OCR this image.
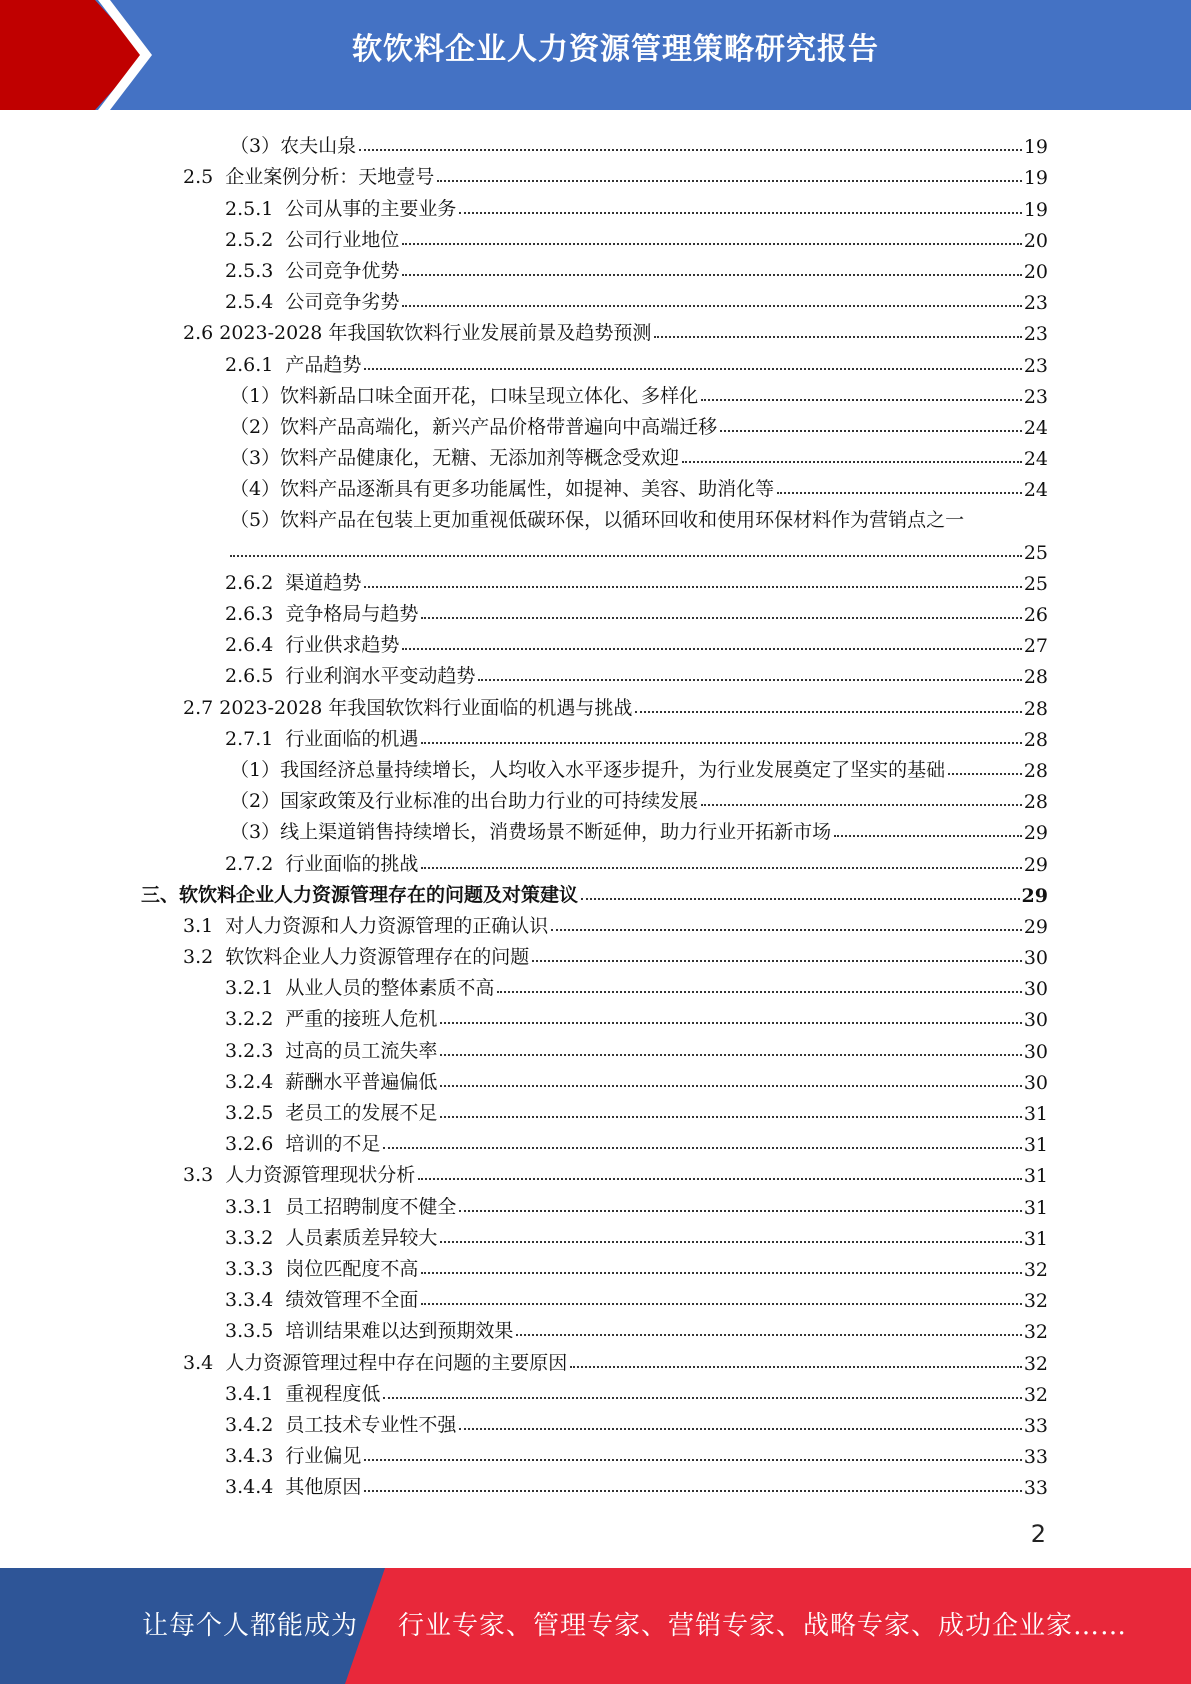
软饮料企业人力资源管理策略研究报告
（3）农夫山泉	19
2.5  企业案例分析：天地壹号	19
2.5.1  公司从事的主要业务	19
2.5.2  公司行业地位	20
2.5.3  公司竞争优势	20
2.5.4  公司竞争劣势	23
2.6 2023-2028 年我国软饮料行业发展前景及趋势预测	23
2.6.1  产品趋势	23
（1）饮料新品口味全面开花，口味呈现立体化、多样化	23
（2）饮料产品高端化，新兴产品价格带普遍向中高端迁移	24
（3）饮料产品健康化，无糖、无添加剂等概念受欢迎	24
（4）饮料产品逐渐具有更多功能属性，如提神、美容、助消化等	24
（5）饮料产品在包装上更加重视低碳环保，以循环回收和使用环保材料作为营销点之一
25
2.6.2  渠道趋势	25
2.6.3  竞争格局与趋势	26
2.6.4  行业供求趋势	27
2.6.5  行业利润水平变动趋势	28
2.7 2023-2028 年我国软饮料行业面临的机遇与挑战	28
2.7.1  行业面临的机遇	28
（1）我国经济总量持续增长，人均收入水平逐步提升，为行业发展奠定了坚实的基础	28
（2）国家政策及行业标准的出台助力行业的可持续发展	28
（3）线上渠道销售持续增长，消费场景不断延伸，助力行业开拓新市场	29
2.7.2  行业面临的挑战	29
三、软饮料企业人力资源管理存在的问题及对策建议	29
3.1  对人力资源和人力资源管理的正确认识	29
3.2  软饮料企业人力资源管理存在的问题	30
3.2.1  从业人员的整体素质不高	30
3.2.2  严重的接班人危机	30
3.2.3  过高的员工流失率	30
3.2.4  薪酬水平普遍偏低	30
3.2.5  老员工的发展不足	31
3.2.6  培训的不足	31
3.3  人力资源管理现状分析	31
3.3.1  员工招聘制度不健全	31
3.3.2  人员素质差异较大	31
3.3.3  岗位匹配度不高	32
3.3.4  绩效管理不全面	32
3.3.5  培训结果难以达到预期效果	32
3.4  人力资源管理过程中存在问题的主要原因	32
3.4.1  重视程度低	32
3.4.2  员工技术专业性不强	33
3.4.3  行业偏见	33
3.4.4  其他原因	33
2
让每个人都能成为 行业专家、管理专家、营销专家、战略专家、成功企业家……
